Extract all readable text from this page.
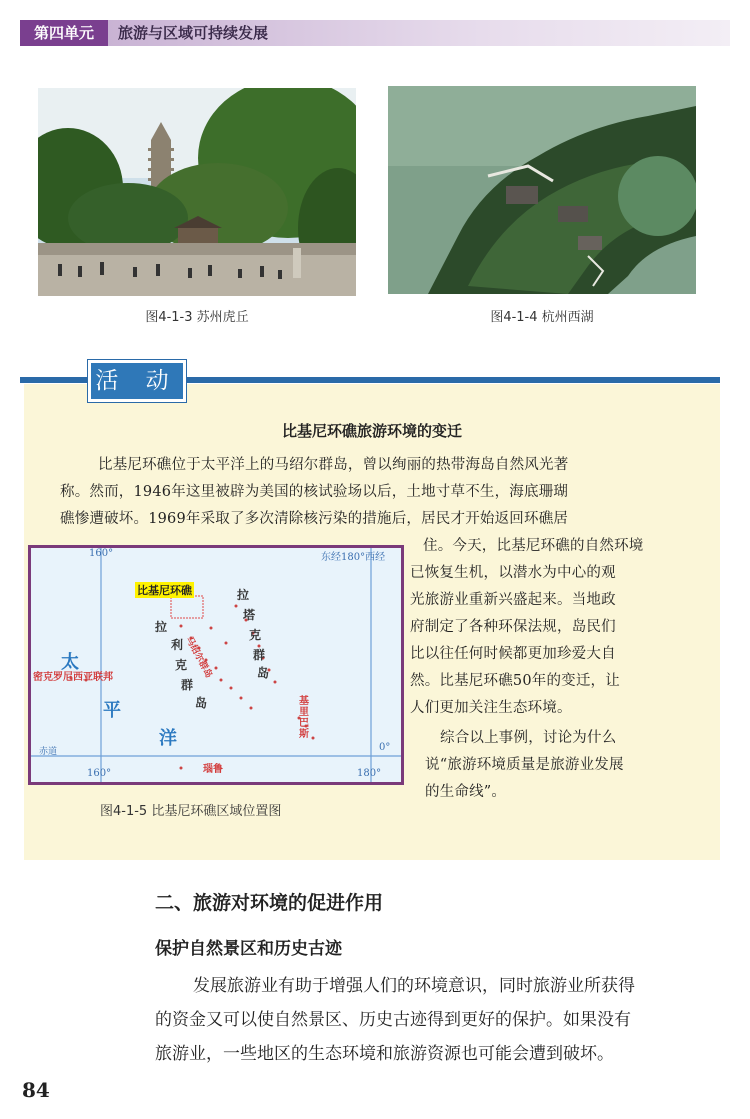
第四单元	旅游与区域可持续发展
图4-1-3 苏州虎丘	图4-1-4 杭州西湖
活 动
比基尼环礁旅游环境的变迁
比基尼环礁位于太平洋上的马绍尔群岛，曾以绚丽的热带海岛自然风光著
称。然而，1946年这里被辟为美国的核试验场以后，土地寸草不生，海底珊瑚
礁惨遭破坏。1969年采取了多次清除核污染的措施后，居民才开始返回环礁居
住。今天，比基尼环礁的自然环境
已恢复生机，以潜水为中心的观
光旅游业重新兴盛起来。当地政
府制定了各种环保法规，岛民们
比以往任何时候都更加珍爱大自
然。比基尼环礁50年的变迁，让
人们更加关注生态环境。
综合以上事例，讨论为什么
说“旅游环境质量是旅游业发展
的生命线”。
160°	东经180°西经
比基尼环礁
拉
利
克
群
岛
拉
塔
克
群
岛
马绍尔群岛
太
平
洋
密克罗尼西亚联邦
基里巴斯
瑙鲁
赤道	0°
160°	180°
图4-1-5 比基尼环礁区域位置图
二、旅游对环境的促进作用
保护自然景区和历史古迹
发展旅游业有助于增强人们的环境意识，同时旅游业所获得
的资金又可以使自然景区、历史古迹得到更好的保护。如果没有
旅游业，一些地区的生态环境和旅游资源也可能会遭到破坏。
84
